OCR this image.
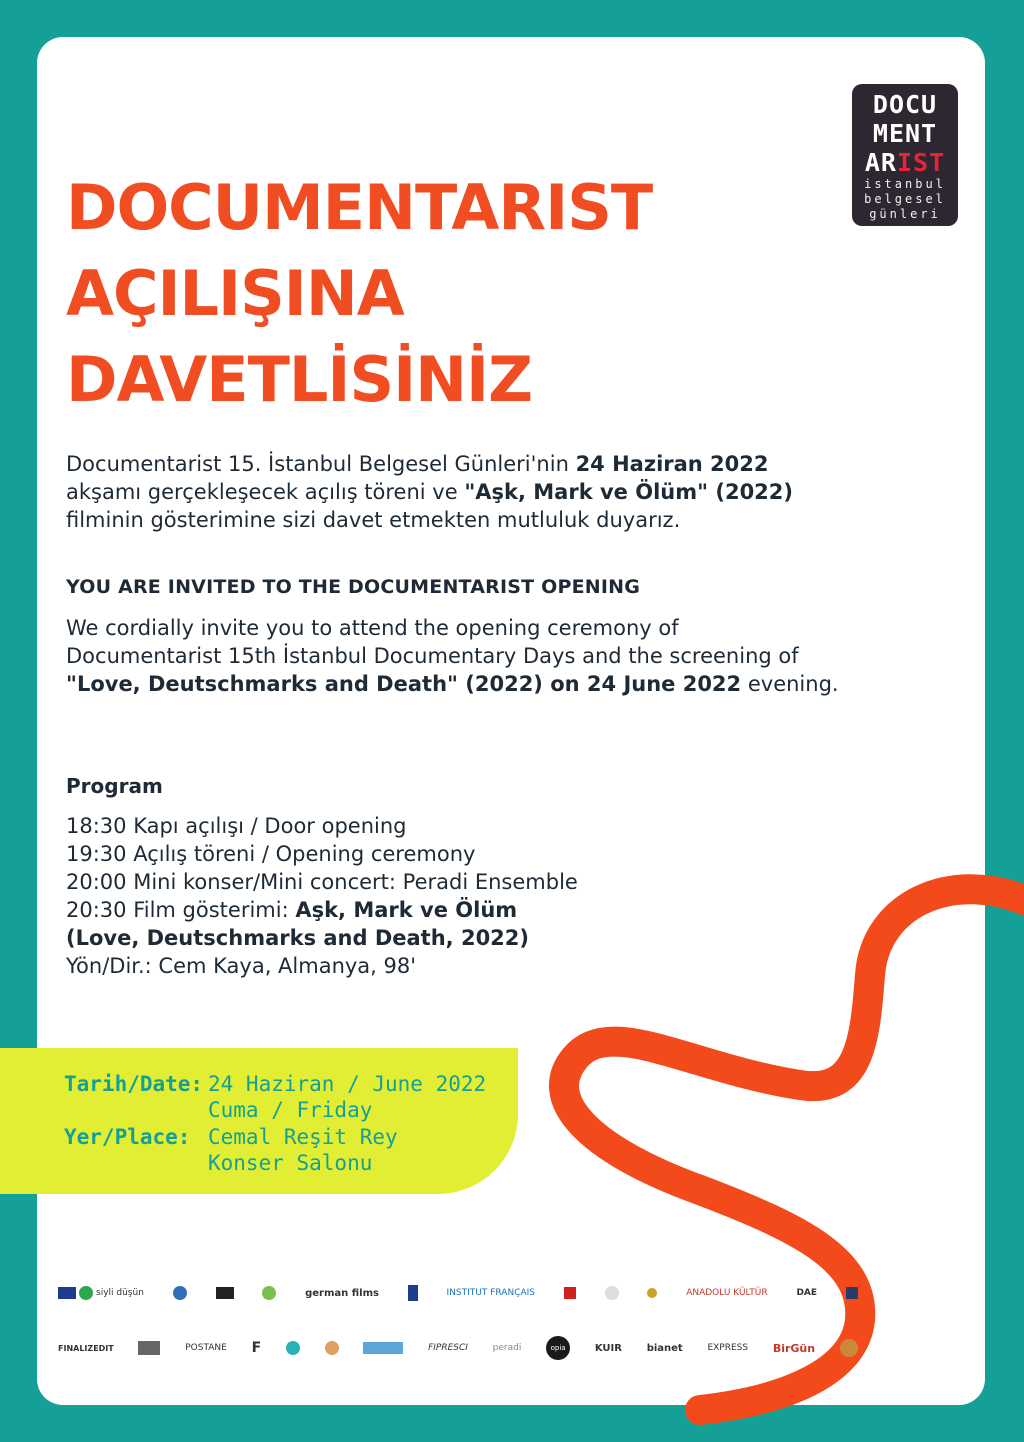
DOCU
MENT
ARIST
istanbul
belgesel
günleri
DOCUMENTARIST
AÇILIŞINA
DAVETLİSİNİZ
Documentarist 15. İstanbul Belgesel Günleri'nin 24 Haziran 2022
akşamı gerçekleşecek açılış töreni ve "Aşk, Mark ve Ölüm" (2022)
filminin gösterimine sizi davet etmekten mutluluk duyarız.
YOU ARE INVITED TO THE DOCUMENTARIST OPENING
We cordially invite you to attend the opening ceremony of
Documentarist 15th İstanbul Documentary Days and the screening of
"Love, Deutschmarks and Death" (2022) on 24 June 2022 evening.
Program
18:30 Kapı açılışı / Door opening
19:30 Açılış töreni / Opening ceremony
20:00 Mini konser/Mini concert: Peradi Ensemble
20:30 Film gösterimi: Aşk, Mark ve Ölüm
(Love, Deutschmarks and Death, 2022)
Yön/Dir.: Cem Kaya, Almanya, 98'
Tarih/Date: 24 Haziran / June 2022
Cuma / Friday
Yer/Place: Cemal Reşit Rey
Konser Salonu
siyli düşün	german films	INSTITUT FRANÇAIS	ANADOLU KÜLTÜR	DAE
FINALIZEDIT	POSTANE F	FIPRESCI	peradi	opia	KUIR bianet	EXPRESS BirGün
